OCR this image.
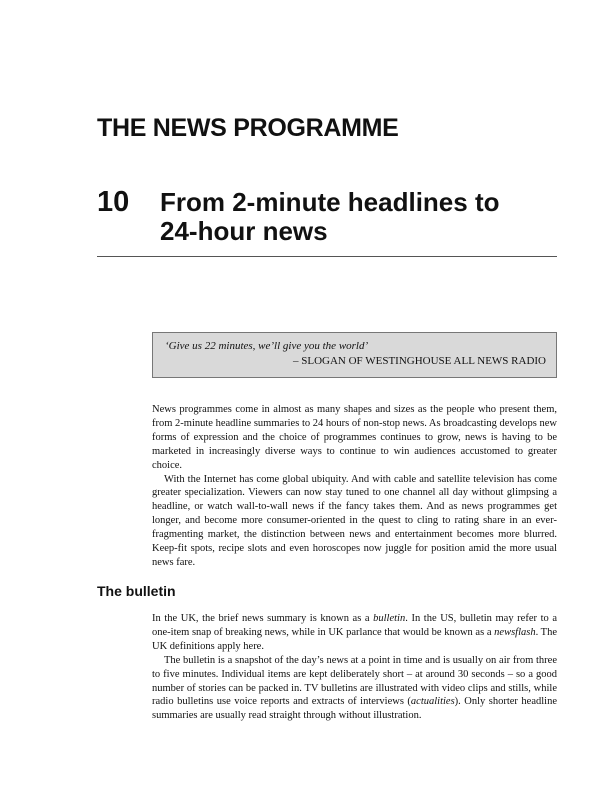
THE NEWS PROGRAMME
10 From 2-minute headlines to
24-hour news
‘Give us 22 minutes, we’ll give you the world’
– SLOGAN OF WESTINGHOUSE ALL NEWS RADIO

News programmes come in almost as many shapes and sizes as the people who present them, from 2-minute headline summaries to 24 hours of non-stop news. As broadcasting develops new forms of expression and the choice of programmes continues to grow, news is having to be marketed in increasingly diverse ways to continue to win audiences accustomed to greater choice.

With the Internet has come global ubiquity. And with cable and satellite television has come greater specialization. Viewers can now stay tuned to one channel all day without glimpsing a headline, or watch wall-to-wall news if the fancy takes them. And as news programmes get longer, and become more consumer-oriented in the quest to cling to rating share in an ever-fragmenting market, the distinction between news and entertainment becomes more blurred. Keep-fit spots, recipe slots and even horoscopes now juggle for position amid the more usual news fare.

The bulletin

In the UK, the brief news summary is known as a bulletin. In the US, bulletin may refer to a one-item snap of breaking news, while in UK parlance that would be known as a newsflash. The UK definitions apply here.

The bulletin is a snapshot of the day’s news at a point in time and is usually on air from three to five minutes. Individual items are kept deliberately short – at around 30 seconds – so a good number of stories can be packed in. TV bulletins are illustrated with video clips and stills, while radio bulletins use voice reports and extracts of interviews (actualities). Only shorter headline summaries are usually read straight through without illustration.
